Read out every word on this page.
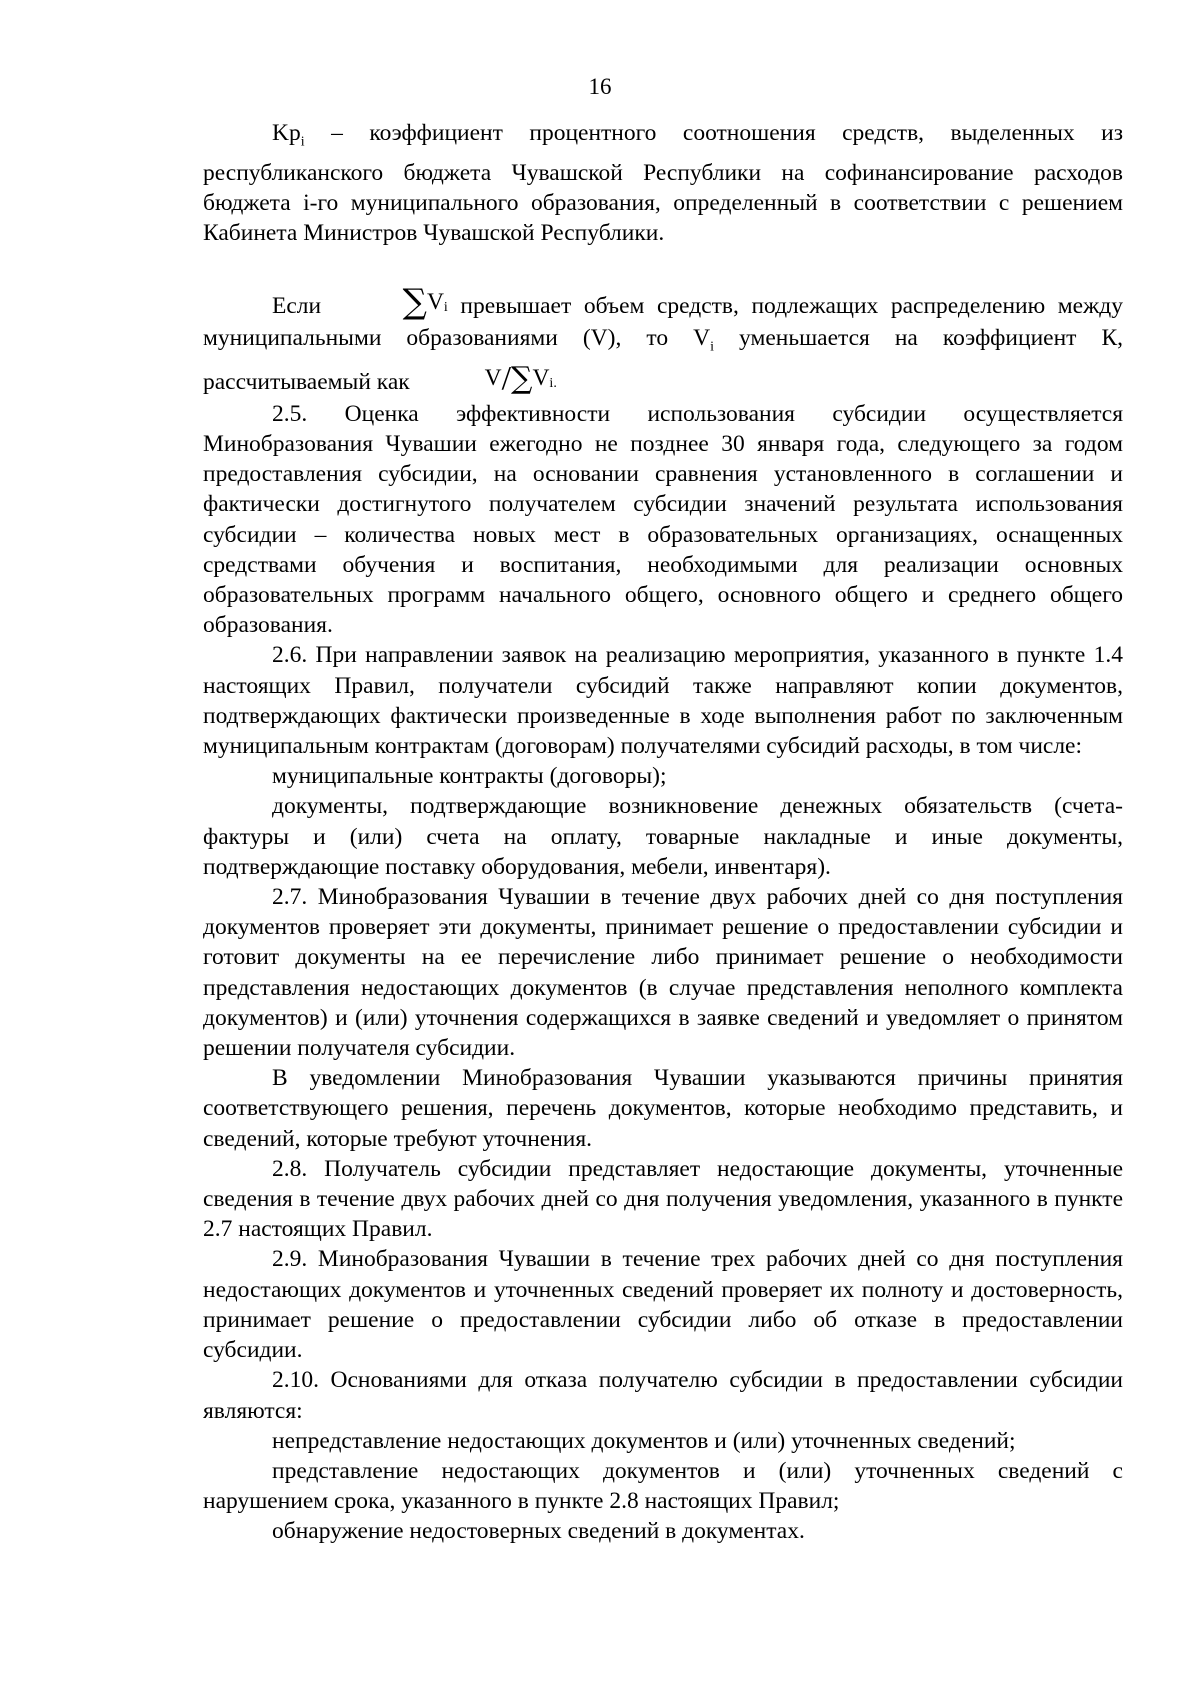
16

$Kp_i$ – коэффициент процентного соотношения средств, выделенных из республиканского бюджета Чувашской Республики на софинансирование расходов бюджета i-го муниципального образования, определенный в соответствии с решением Кабинета Министров Чувашской Республики.

Если $\sum V_i$ превышает объем средств, подлежащих распределению между муниципальными образованиями (V), то $V_i$ уменьшается на коэффициент К, рассчитываемый как	$V/\sum V_{i.}$

2.5. Оценка эффективности использования субсидии осуществляется Минобразования Чувашии ежегодно не позднее 30 января года, следующего за годом предоставления субсидии, на основании сравнения установленного в соглашении и фактически достигнутого получателем субсидии значений результата использования субсидии – количества новых мест в образовательных организациях, оснащенных средствами обучения и воспитания, необходимыми для реализации основных образовательных программ начального общего, основного общего и среднего общего образования.

2.6. При направлении заявок на реализацию мероприятия, указанного в пункте 1.4 настоящих Правил, получатели субсидий также направляют копии документов, подтверждающих фактически произведенные в ходе выполнения работ по заключенным муниципальным контрактам (договорам) получателями субсидий расходы, в том числе:

муниципальные контракты (договоры);

документы, подтверждающие возникновение денежных обязательств (счета-фактуры и (или) счета на оплату, товарные накладные и иные документы, подтверждающие поставку оборудования, мебели, инвентаря).

2.7. Минобразования Чувашии в течение двух рабочих дней со дня поступления документов проверяет эти документы, принимает решение о предоставлении субсидии и готовит документы на ее перечисление либо принимает решение о необходимости представления недостающих документов (в случае представления неполного комплекта документов) и (или) уточнения содержащихся в заявке сведений и уведомляет о принятом решении получателя субсидии.

В уведомлении Минобразования Чувашии указываются причины принятия соответствующего решения, перечень документов, которые необходимо представить, и сведений, которые требуют уточнения.

2.8. Получатель субсидии представляет недостающие документы, уточненные сведения в течение двух рабочих дней со дня получения уведомления, указанного в пункте 2.7 настоящих Правил.

2.9. Минобразования Чувашии в течение трех рабочих дней со дня поступления недостающих документов и уточненных сведений проверяет их полноту и достоверность, принимает решение о предоставлении субсидии либо об отказе в предоставлении субсидии.

2.10. Основаниями для отказа получателю субсидии в предоставлении субсидии являются:

непредставление недостающих документов и (или) уточненных сведений;

представление недостающих документов и (или) уточненных сведений с нарушением срока, указанного в пункте 2.8 настоящих Правил;

обнаружение недостоверных сведений в документах.
